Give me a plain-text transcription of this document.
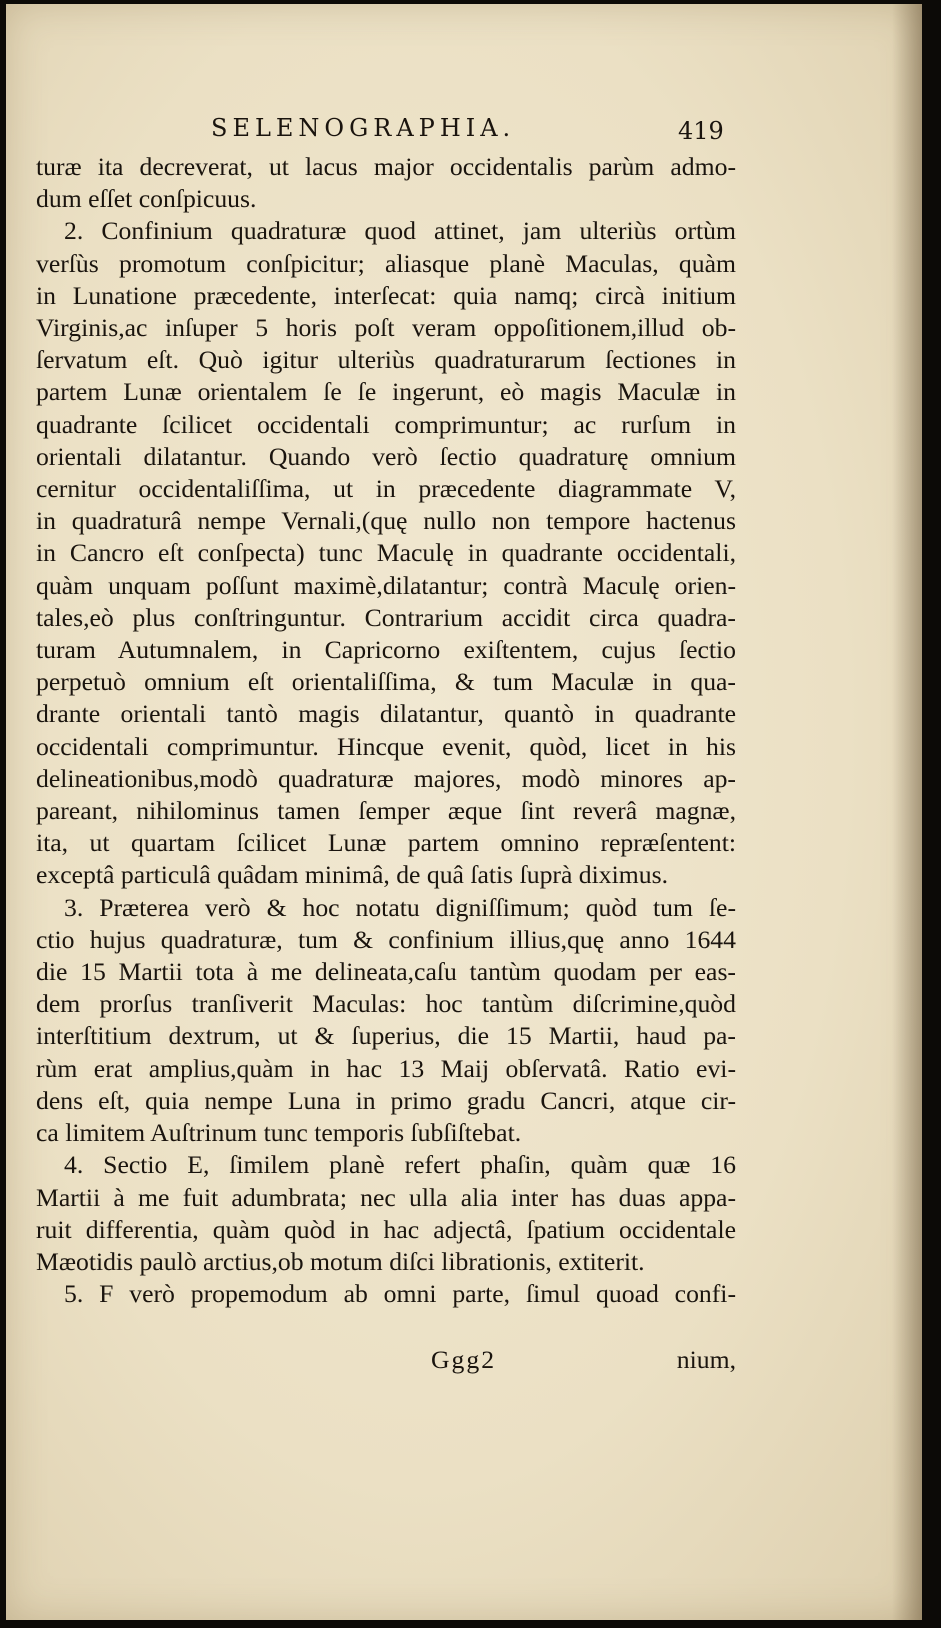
SELENOGRAPHIA.	419
turæ ita decreverat, ut lacus major occidentalis parùm admo-
dum eſſet conſpicuus.
2. Confinium quadraturæ quod attinet, jam ulteriùs ortùm
verſùs promotum conſpicitur; aliasque planè Maculas, quàm
in Lunatione præcedente, interſecat: quia namq; circà initium
Virginis,ac inſuper 5 horis poſt veram oppoſitionem,illud ob-
ſervatum eſt. Quò igitur ulteriùs quadraturarum ſectiones in
partem Lunæ orientalem ſe ſe ingerunt, eò magis Maculæ in
quadrante ſcilicet occidentali comprimuntur; ac rurſum in
orientali dilatantur. Quando verò ſectio quadraturę omnium
cernitur occidentaliſſima, ut in præcedente diagrammate V,
in quadraturâ nempe Vernali,(quę nullo non tempore hactenus
in Cancro eſt conſpecta) tunc Maculę in quadrante occidentali,
quàm unquam poſſunt maximè,dilatantur; contrà Maculę orien-
tales,eò plus conſtringuntur. Contrarium accidit circa quadra-
turam Autumnalem, in Capricorno exiſtentem, cujus ſectio
perpetuò omnium eſt orientaliſſima, & tum Maculæ in qua-
drante orientali tantò magis dilatantur, quantò in quadrante
occidentali comprimuntur. Hincque evenit, quòd, licet in his
delineationibus,modò quadraturæ majores, modò minores ap-
pareant, nihilominus tamen ſemper æque ſint reverâ magnæ,
ita, ut quartam ſcilicet Lunæ partem omnino repræſentent:
exceptâ particulâ quâdam minimâ, de quâ ſatis ſuprà diximus.
3. Præterea verò & hoc notatu digniſſimum; quòd tum ſe-
ctio hujus quadraturæ, tum & confinium illius,quę anno 1644
die 15 Martii tota à me delineata,caſu tantùm quodam per eas-
dem prorſus tranſiverit Maculas: hoc tantùm diſcrimine,quòd
interſtitium dextrum, ut & ſuperius, die 15 Martii, haud pa-
rùm erat amplius,quàm in hac 13 Maij obſervatâ. Ratio evi-
dens eſt, quia nempe Luna in primo gradu Cancri, atque cir-
ca limitem Auſtrinum tunc temporis ſubſiſtebat.
4. Sectio E, ſimilem planè refert phaſin, quàm quæ 16
Martii à me fuit adumbrata; nec ulla alia inter has duas appa-
ruit differentia, quàm quòd in hac adjectâ, ſpatium occidentale
Mæotidis paulò arctius,ob motum diſci librationis, extiterit.
5. F verò propemodum ab omni parte, ſimul quoad confi-
Ggg2	nium,
